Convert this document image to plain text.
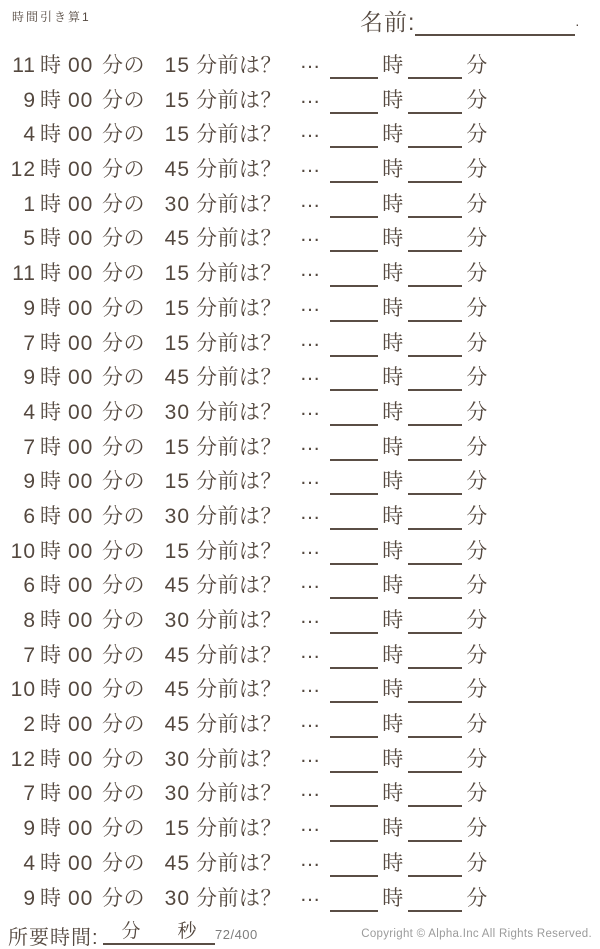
時間引き算1	名前:	.
11 時 00 分の 15 分前は？ …	時	分
9 時 00 分の 15 分前は？ …	時	分
4 時 00 分の 15 分前は？ …	時	分
12 時 00 分の 45 分前は？ …	時	分
1 時 00 分の 30 分前は？ …	時	分
5 時 00 分の 45 分前は？ …	時	分
11 時 00 分の 15 分前は？ …	時	分
9 時 00 分の 15 分前は？ …	時	分
7 時 00 分の 15 分前は？ …	時	分
9 時 00 分の 45 分前は？ …	時	分
4 時 00 分の 30 分前は？ …	時	分
7 時 00 分の 15 分前は？ …	時	分
9 時 00 分の 15 分前は？ …	時	分
6 時 00 分の 30 分前は？ …	時	分
10 時 00 分の 15 分前は？ …	時	分
6 時 00 分の 45 分前は？ …	時	分
8 時 00 分の 30 分前は？ …	時	分
7 時 00 分の 45 分前は？ …	時	分
10 時 00 分の 45 分前は？ …	時	分
2 時 00 分の 45 分前は？ …	時	分
12 時 00 分の 30 分前は？ …	時	分
7 時 00 分の 30 分前は？ …	時	分
9 時 00 分の 15 分前は？ …	時	分
4 時 00 分の 45 分前は？ …	時	分
9 時 00 分の 30 分前は？ …	時	分
所要時間: 分 秒 72/400	Copyright © Alpha.Inc All Rights Reserved.
